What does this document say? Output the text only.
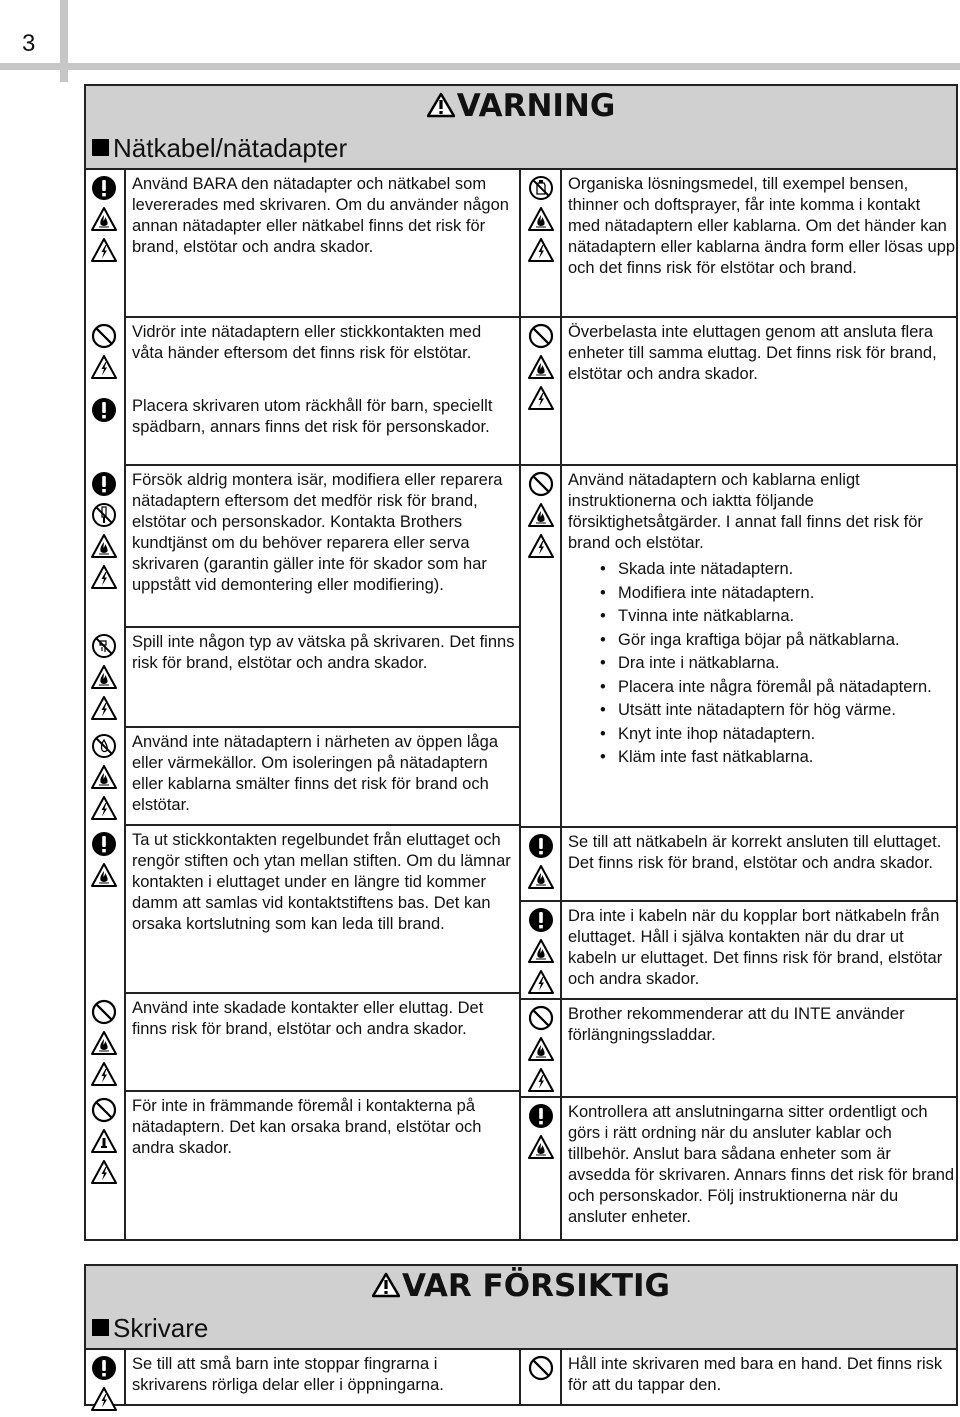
3
VARNING
Nätkabel/nätadapter
Använd BARA den nätadapter och nätkabel som levererades med skrivaren. Om du använder någon annan nätadapter eller nätkabel finns det risk för brand, elstötar och andra skador.
Vidrör inte nätadaptern eller stickkontakten med våta händer eftersom det finns risk för elstötar.
Placera skrivaren utom räckhåll för barn, speciellt spädbarn, annars finns det risk för personskador.
Försök aldrig montera isär, modifiera eller reparera nätadaptern eftersom det medför risk för brand, elstötar och personskador. Kontakta Brothers kundtjänst om du behöver reparera eller serva skrivaren (garantin gäller inte för skador som har uppstått vid demontering eller modifiering).
Spill inte någon typ av vätska på skrivaren. Det finns risk för brand, elstötar och andra skador.
Använd inte nätadaptern i närheten av öppen låga eller värmekällor. Om isoleringen på nätadaptern eller kablarna smälter finns det risk för brand och elstötar.
Ta ut stickkontakten regelbundet från eluttaget och rengör stiften och ytan mellan stiften. Om du lämnar kontakten i eluttaget under en längre tid kommer damm att samlas vid kontaktstiftens bas. Det kan orsaka kortslutning som kan leda till brand.
Använd inte skadade kontakter eller eluttag. Det finns risk för brand, elstötar och andra skador.
För inte in främmande föremål i kontakterna på nätadaptern. Det kan orsaka brand, elstötar och andra skador.
Organiska lösningsmedel, till exempel bensen, thinner och doftsprayer, får inte komma i kontakt med nätadaptern eller kablarna. Om det händer kan nätadaptern eller kablarna ändra form eller lösas upp och det finns risk för elstötar och brand.
Överbelasta inte eluttagen genom att ansluta flera enheter till samma eluttag. Det finns risk för brand, elstötar och andra skador.
Använd nätadaptern och kablarna enligt instruktionerna och iaktta följande försiktighetsåtgärder. I annat fall finns det risk för brand och elstötar.
• Skada inte nätadaptern.
• Modifiera inte nätadaptern.
• Tvinna inte nätkablarna.
• Gör inga kraftiga böjar på nätkablarna.
• Dra inte i nätkablarna.
• Placera inte några föremål på nätadaptern.
• Utsätt inte nätadaptern för hög värme.
• Knyt inte ihop nätadaptern.
• Kläm inte fast nätkablarna.
Se till att nätkabeln är korrekt ansluten till eluttaget. Det finns risk för brand, elstötar och andra skador.
Dra inte i kabeln när du kopplar bort nätkabeln från eluttaget. Håll i själva kontakten när du drar ut kabeln ur eluttaget. Det finns risk för brand, elstötar och andra skador.
Brother rekommenderar att du INTE använder förlängningssladdar.
Kontrollera att anslutningarna sitter ordentligt och görs i rätt ordning när du ansluter kablar och tillbehör. Anslut bara sådana enheter som är avsedda för skrivaren. Annars finns det risk för brand och personskador. Följ instruktionerna när du ansluter enheter.
VAR FÖRSIKTIG
Skrivare
Se till att små barn inte stoppar fingrarna i skrivarens rörliga delar eller i öppningarna.
Håll inte skrivaren med bara en hand. Det finns risk för att du tappar den.
